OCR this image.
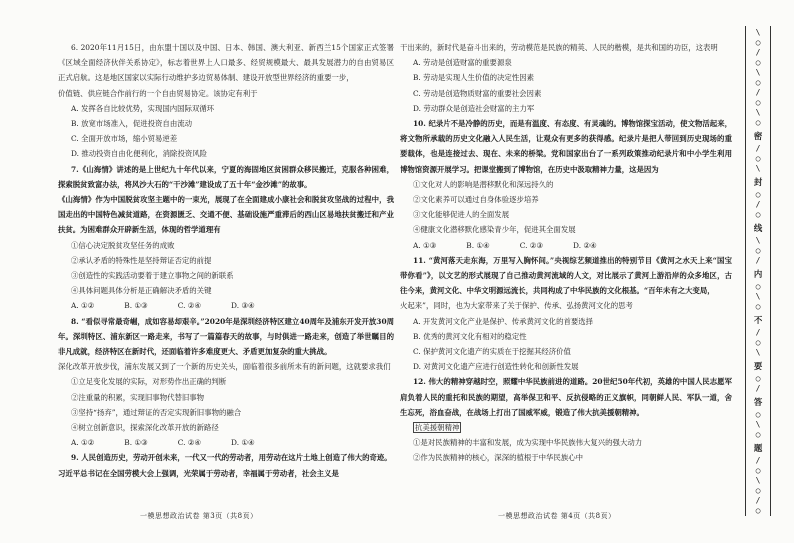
6. 2020年11月15日，由东盟十国以及中国、日本、韩国、澳大利亚、新西兰15个国家正式签署《区域全面经济伙伴关系协定》，标志着世界上人口最多、经贸规模最大、最具发展潜力的自由贸易区正式启航。这是地区国家以实际行动维护多边贸易体制、建设开放型世界经济的重要一步，

价值链、供应链合作前行的一个自由贸易协定。该协定有利于

A. 发挥各自比较优势，实现国内国际双循环

B. 放宽市场准入，促进投资自由流动

C. 全面开放市场，缩小贸易逆差

D. 推动投资自由化便利化，消除投资风险

7.《山海情》讲述的是上世纪九十年代以来，宁夏的海固地区贫困群众移民搬迁，克服各种困难，探索脱贫致富办法，将风沙大石的“干沙滩”建设成了五十年“金沙滩”的故事。

《山海情》作为中国脱贫攻坚主题中的一束光，展现了在全面建成小康社会和脱贫攻坚战的过程中，我国走出的中国特色减贫道路，在资源匮乏、交通不便、基础设施严重滞后的西山区易地扶贫搬迁和产业扶贫。为困难群众开辟新生活，体现的哲学道理有

①信心决定脱贫攻坚任务的成败

②承认矛盾的特殊性是坚持辩证否定的前提

③创造性的实践活动要着于建立事物之间的新联系

④具体问题具体分析是正确解决矛盾的关键

A. ①②	B. ①③	C. ②④	D. ③④

8. “看似寻常最奇崛，成如容易却艰辛。”2020年是深圳经济特区建立40周年及浦东开发开放30周年。深圳特区、浦东新区一路走来，书写了一篇篇春天的故事，与时俱进一路走来，创造了举世瞩目的非凡成就，经济特区在新时代，还面临着许多难度更大、矛盾更加复杂的重大挑战。

深化改革开放步伐，浦东发展又到了一个新的历史关头，面临着很多前所未有的新问题，这就要求我们

①立足变化发展的实际，对形势作出正确的判断

②注重量的积累，实现旧事物代替旧事物

③坚持“扬弃”，通过辩证的否定实现新旧事物的融合

④树立创新意识，探索深化改革开放的新路径

A. ①②	B. ①③	C. ②④	D. ①④

9. 人民创造历史，劳动开创未来，一代又一代的劳动者，用劳动在这片土地上创造了伟大的奇迹。

习近平总书记在全国劳模大会上强调，光荣属于劳动者，幸福属于劳动者，社会主义是

干出来的，新时代是奋斗出来的，劳动模范是民族的精英、人民的楷模，是共和国的功臣，这表明

A. 劳动是创造财富的重要源泉

B. 劳动是实现人生价值的决定性因素

C. 劳动是创造物质财富的重要社会因素

D. 劳动群众是创造社会财富的主力军

10. 纪录片不是冷静的历史，而是有温度、有态度、有灵魂的。博物馆探宝活动，使文物活起来，将文物所承载的历史文化融入人民生活，让观众有更多的获得感。纪录片是把人带回到历史现场的重要载体，也是连接过去、现在、未来的桥梁。党和国家出台了一系列政策推动纪录片和中小学生利用博物馆资源开展学习。把课堂搬到了博物馆，在历史中汲取精神力量，这是因为

①文化对人的影响是潜移默化和深远持久的

②文化素养可以通过自身体验逐步培养

③文化能够促进人的全面发展

④健康文化潜移默化感染青少年，促进其全面发展

A. ①③	B. ①④	C. ②③	D. ②④

11. “黄河落天走东海，万里写入胸怀间。”央视综艺频道推出的特别节目《黄河之水天上来“国宝带你看”》，以文艺的形式展现了自己推动黄河流域的人文，对比展示了黄河上游沿岸的众多地区，古往今来，黄河文化、中华文明源远流长，共同构成了中华民族的文化根基。“百年未有之大变局，

火起来”，同时，也为大家带来了关于保护、传承、弘扬黄河文化的思考

A. 开发黄河文化产业是保护、传承黄河文化的首要选择

B. 优秀的黄河文化有相对的稳定性

C. 保护黄河文化遗产的实质在于挖掘其经济价值

D. 对黄河文化遗产应进行创造性转化和创新性发展

12. 伟大的精神穿越时空，照耀中华民族前进的道路。20世纪50年代初，英雄的中国人民志愿军肩负着人民的重托和民族的期望，高举保卫和平、反抗侵略的正义旗帜，同朝鲜人民、军队一道，舍生忘死，浴血奋战，在战场上打出了国威军威，锻造了伟大抗美援朝精神。

抗美援朝精神

①是对民族精神的丰富和发展，成为实现中华民族伟大复兴的强大动力

②作为民族精神的核心，深深的植根于中华民族心中

一模思想政治试卷 第3页（共8页）	一模思想政治试卷 第4页（共8页）
\
○
/
○
\
○
/
○
\
○
密
/
○
\
封
○
/
○
线
\
○
/
内
○
\
○
不
/
○
\
要
○
/
答
○
\
○
题
/
○
\
○
/
○
